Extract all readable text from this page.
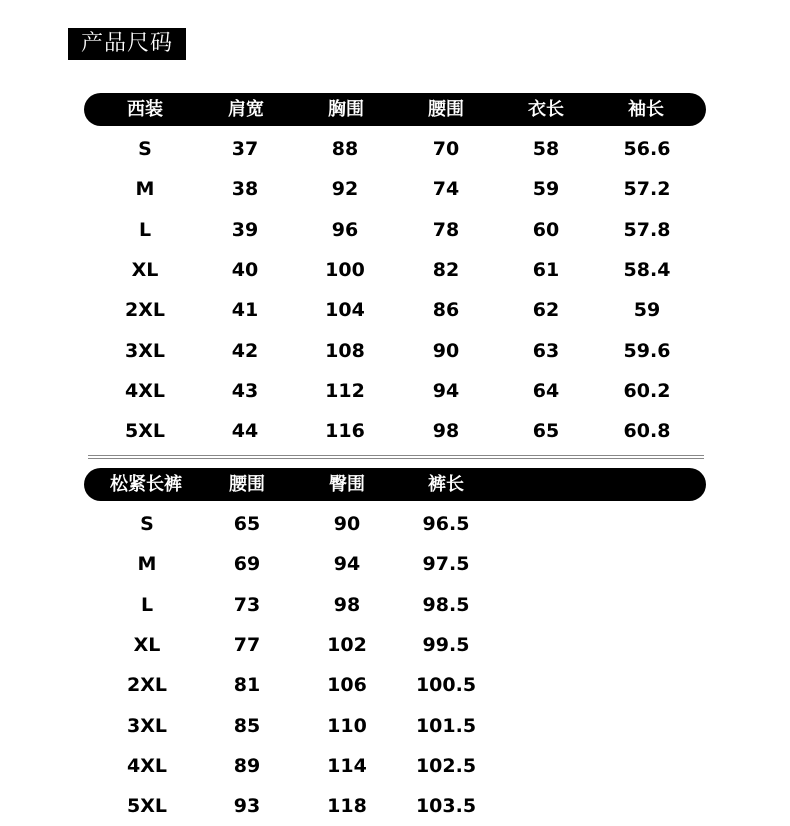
产品尺码
西装	肩宽	胸围	腰围	衣长	袖长
S	37	88	70	58	56.6
M	38	92	74	59	57.2
L	39	96	78	60	57.8
XL	40	100	82	61	58.4
2XL	41	104	86	62	59
3XL	42	108	90	63	59.6
4XL	43	112	94	64	60.2
5XL	44	116	98	65	60.8
松紧长裤	腰围	臀围	裤长
S	65	90	96.5
M	69	94	97.5
L	73	98	98.5
XL	77	102	99.5
2XL	81	106	100.5
3XL	85	110	101.5
4XL	89	114	102.5
5XL	93	118	103.5
